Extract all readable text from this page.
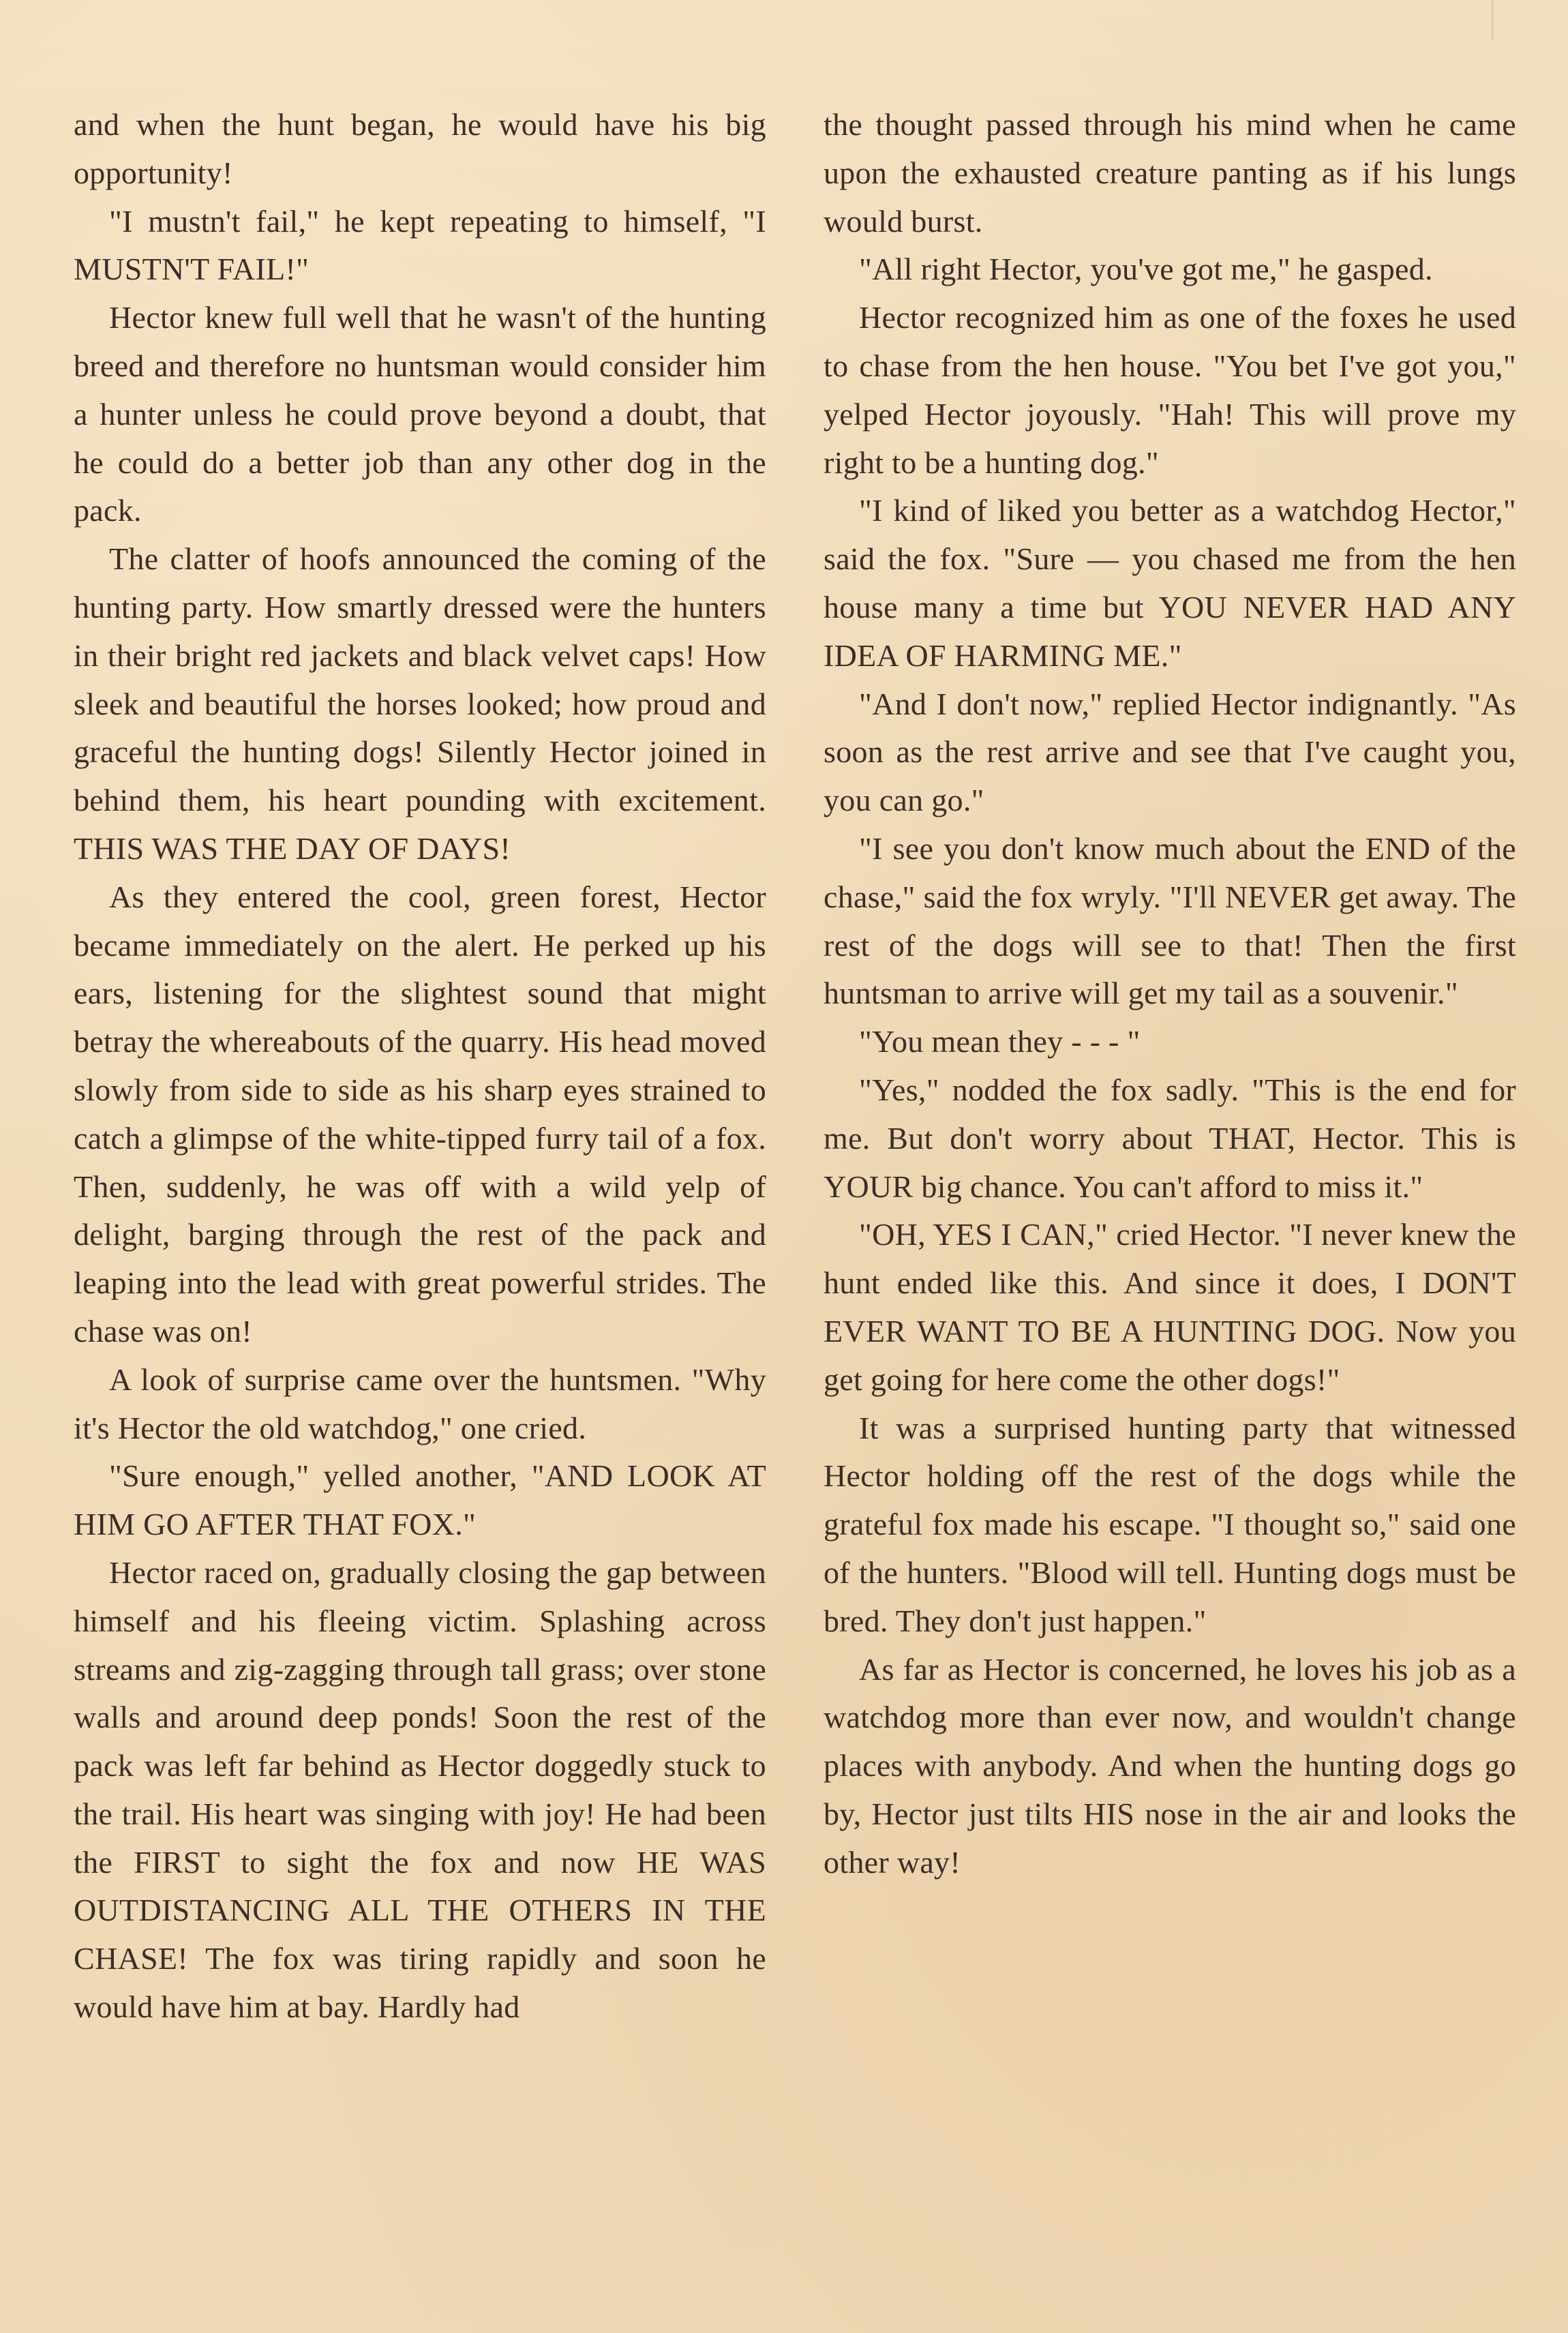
and when the hunt began, he would have his big opportunity!

"I mustn't fail," he kept repeating to himself, "I MUSTN'T FAIL!"

Hector knew full well that he wasn't of the hunting breed and therefore no huntsman would consider him a hunter unless he could prove beyond a doubt, that he could do a better job than any other dog in the pack.

The clatter of hoofs announced the coming of the hunting party. How smartly dressed were the hunters in their bright red jackets and black velvet caps! How sleek and beautiful the horses looked; how proud and graceful the hunting dogs! Silently Hector joined in behind them, his heart pounding with excitement. THIS WAS THE DAY OF DAYS!

As they entered the cool, green forest, Hector became immediately on the alert. He perked up his ears, listening for the slightest sound that might betray the whereabouts of the quarry. His head moved slowly from side to side as his sharp eyes strained to catch a glimpse of the white-tipped furry tail of a fox. Then, suddenly, he was off with a wild yelp of delight, barging through the rest of the pack and leaping into the lead with great powerful strides. The chase was on!

A look of surprise came over the huntsmen. "Why it's Hector the old watchdog," one cried.

"Sure enough," yelled another, "AND LOOK AT HIM GO AFTER THAT FOX."

Hector raced on, gradually closing the gap between himself and his fleeing victim. Splashing across streams and zig-zagging through tall grass; over stone walls and around deep ponds! Soon the rest of the pack was left far behind as Hector doggedly stuck to the trail. His heart was singing with joy! He had been the FIRST to sight the fox and now HE WAS OUTDISTANCING ALL THE OTHERS IN THE CHASE! The fox was tiring rapidly and soon he would have him at bay. Hardly had

the thought passed through his mind when he came upon the exhausted creature panting as if his lungs would burst.

"All right Hector, you've got me," he gasped.

Hector recognized him as one of the foxes he used to chase from the hen house. "You bet I've got you," yelped Hector joyously. "Hah! This will prove my right to be a hunting dog."

"I kind of liked you better as a watchdog Hector," said the fox. "Sure — you chased me from the hen house many a time but YOU NEVER HAD ANY IDEA OF HARMING ME."

"And I don't now," replied Hector indignantly. "As soon as the rest arrive and see that I've caught you, you can go."

"I see you don't know much about the END of the chase," said the fox wryly. "I'll NEVER get away. The rest of the dogs will see to that! Then the first huntsman to arrive will get my tail as a souvenir."

"You mean they - - - "

"Yes," nodded the fox sadly. "This is the end for me. But don't worry about THAT, Hector. This is YOUR big chance. You can't afford to miss it."

"OH, YES I CAN," cried Hector. "I never knew the hunt ended like this. And since it does, I DON'T EVER WANT TO BE A HUNTING DOG. Now you get going for here come the other dogs!"

It was a surprised hunting party that witnessed Hector holding off the rest of the dogs while the grateful fox made his escape. "I thought so," said one of the hunters. "Blood will tell. Hunting dogs must be bred. They don't just happen."

As far as Hector is concerned, he loves his job as a watchdog more than ever now, and wouldn't change places with anybody. And when the hunting dogs go by, Hector just tilts HIS nose in the air and looks the other way!
